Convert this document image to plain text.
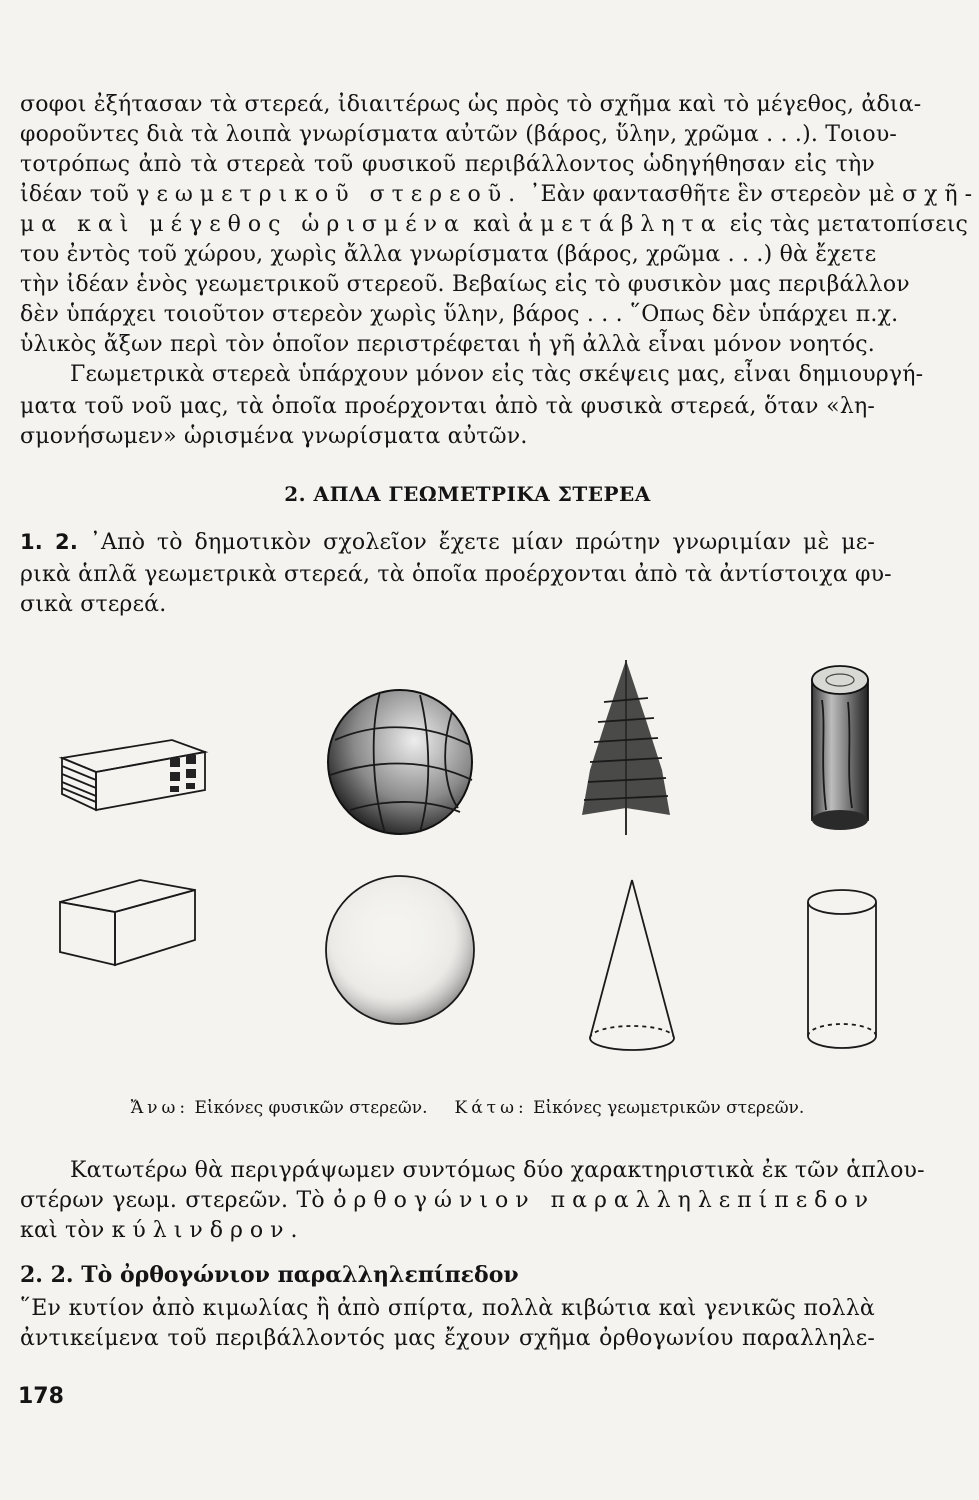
σοφοι ἐξήτασαν τὰ στερεά, ἰδιαιτέρως ὡς πρὸς τὸ σχῆμα καὶ τὸ μέγεθος, ἀδια-
φοροῦντες διὰ τὰ λοιπὰ γνωρίσματα αὐτῶν (βάρος, ὕλην, χρῶμα . . .). Τοιου-
τοτρόπως ἀπὸ τὰ στερεὰ τοῦ φυσικοῦ περιβάλλοντος ὡδηγήθησαν εἰς τὴν
ἰδέαν τοῦ γεωμετρικοῦ στερεοῦ. ᾿Εὰν φαντασθῆτε ἓν στερεὸν μὲ σχῆ-
μα καὶ μέγεθος ὡρισμένα καὶ ἀμετάβλητα εἰς τὰς μετατοπίσεις
του ἐντὸς τοῦ χώρου, χωρὶς ἄλλα γνωρίσματα (βάρος, χρῶμα . . .) θὰ ἔχετε
τὴν ἰδέαν ἑνὸς γεωμετρικοῦ στερεοῦ. Βεβαίως εἰς τὸ φυσικὸν μας περιβάλλον
δὲν ὑπάρχει τοιοῦτον στερεὸν χωρὶς ὕλην, βάρος . . . ῞Οπως δὲν ὑπάρχει π.χ.
ὑλικὸς ἄξων περὶ τὸν ὁποῖον περιστρέφεται ἡ γῆ ἀλλὰ εἶναι μόνον νοητός.
Γεωμετρικὰ στερεὰ ὑπάρχουν μόνον εἰς τὰς σκέψεις μας, εἶναι δημιουργή-
ματα τοῦ νοῦ μας, τὰ ὁποῖα προέρχονται ἀπὸ τὰ φυσικὰ στερεά, ὅταν «λη-
σμονήσωμεν» ὡρισμένα γνωρίσματα αὐτῶν.
2. ΑΠΛΑ ΓΕΩΜΕΤΡΙΚΑ ΣΤΕΡΕΑ
1. 2. ᾿Απὸ τὸ δημοτικὸν σχολεῖον ἔχετε μίαν πρώτην γνωριμίαν μὲ με-
ρικὰ ἁπλᾶ γεωμετρικὰ στερεά, τὰ ὁποῖα προέρχονται ἀπὸ τὰ ἀντίστοιχα φυ-
σικὰ στερεά.
Ἄνω: Εἰκόνες φυσικῶν στερεῶν. Κάτω: Εἰκόνες γεωμετρικῶν στερεῶν.
Κατωτέρω θὰ περιγράψωμεν συντόμως δύο χαρακτηριστικὰ ἐκ τῶν ἁπλου-
στέρων γεωμ. στερεῶν. Τὸ ὀρθογώνιον παραλληλεπίπεδον
καὶ τὸν κύλινδρον.
2. 2. Τὸ ὀρθογώνιον παραλληλεπίπεδον
῞Εν κυτίον ἀπὸ κιμωλίας ἢ ἀπὸ σπίρτα, πολλὰ κιβώτια καὶ γενικῶς πολλὰ
ἀντικείμενα τοῦ περιβάλλοντός μας ἔχουν σχῆμα ὀρθογωνίου παραλληλε-
178
